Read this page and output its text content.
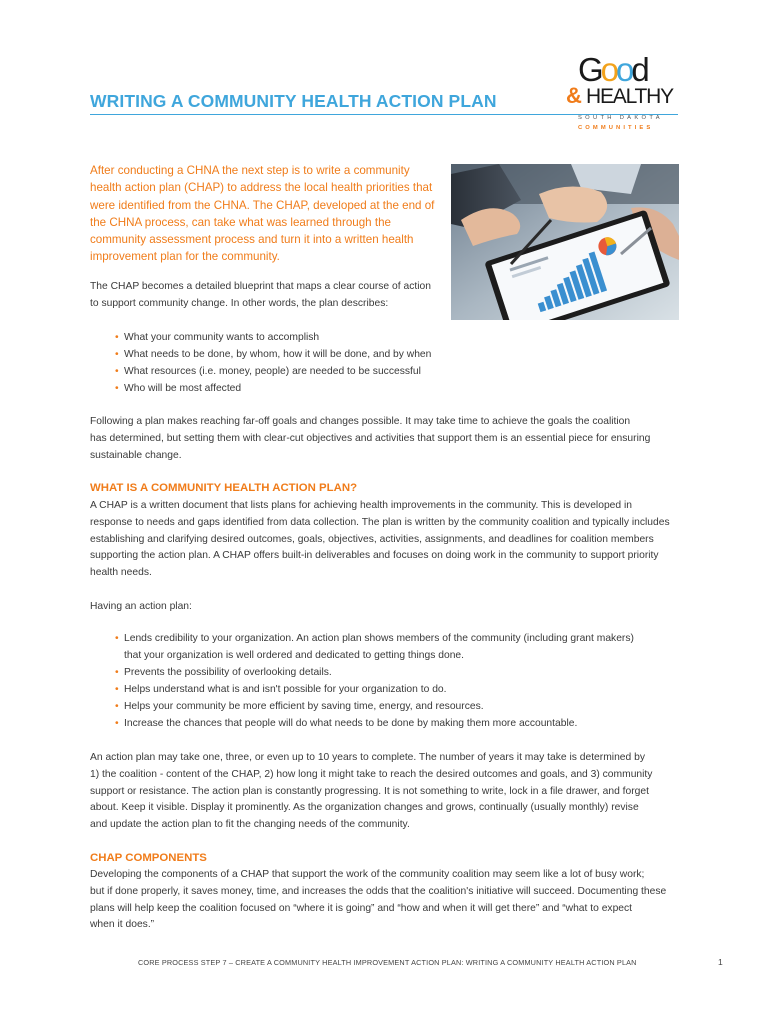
WRITING A COMMUNITY HEALTH ACTION PLAN
Good
& HEALTHY
SOUTH DAKOTA
COMMUNITIES

After conducting a CHNA the next step is to write a community health action plan (CHAP) to address the local health priorities that were identified from the CHNA. The CHAP, developed at the end of the CHNA process, can take what was learned through the community assessment process and turn it into a written health improvement plan for the community.

The CHAP becomes a detailed blueprint that maps a clear course of action
to support community change. In other words, the plan describes:
• What your community wants to accomplish
• What needs to be done, by whom, how it will be done, and by when
• What resources (i.e. money, people) are needed to be successful
• Who will be most affected
Following a plan makes reaching far-off goals and changes possible. It may take time to achieve the goals the coalition
has determined, but setting them with clear-cut objectives and activities that support them is an essential piece for ensuring
sustainable change.
WHAT IS A COMMUNITY HEALTH ACTION PLAN?
A CHAP is a written document that lists plans for achieving health improvements in the community. This is developed in
response to needs and gaps identified from data collection. The plan is written by the community coalition and typically includes
establishing and clarifying desired outcomes, goals, objectives, activities, assignments, and deadlines for coalition members
supporting the action plan. A CHAP offers built-in deliverables and focuses on doing work in the community to support priority
health needs.
Having an action plan:
• Lends credibility to your organization. An action plan shows members of the community (including grant makers)
that your organization is well ordered and dedicated to getting things done.
• Prevents the possibility of overlooking details.
• Helps understand what is and isn't possible for your organization to do.
• Helps your community be more efficient by saving time, energy, and resources.
• Increase the chances that people will do what needs to be done by making them more accountable.
An action plan may take one, three, or even up to 10 years to complete. The number of years it may take is determined by
1) the coalition - content of the CHAP, 2) how long it might take to reach the desired outcomes and goals, and 3) community
support or resistance. The action plan is constantly progressing. It is not something to write, lock in a file drawer, and forget
about. Keep it visible. Display it prominently. As the organization changes and grows, continually (usually monthly) revise
and update the action plan to fit the changing needs of the community.
CHAP COMPONENTS
Developing the components of a CHAP that support the work of the community coalition may seem like a lot of busy work;
but if done properly, it saves money, time, and increases the odds that the coalition's initiative will succeed. Documenting these
plans will help keep the coalition focused on “where it is going” and “how and when it will get there” and “what to expect
when it does.”
CORE PROCESS STEP 7 – CREATE A COMMUNITY HEALTH IMPROVEMENT ACTION PLAN: WRITING A COMMUNITY HEALTH ACTION PLAN	1
